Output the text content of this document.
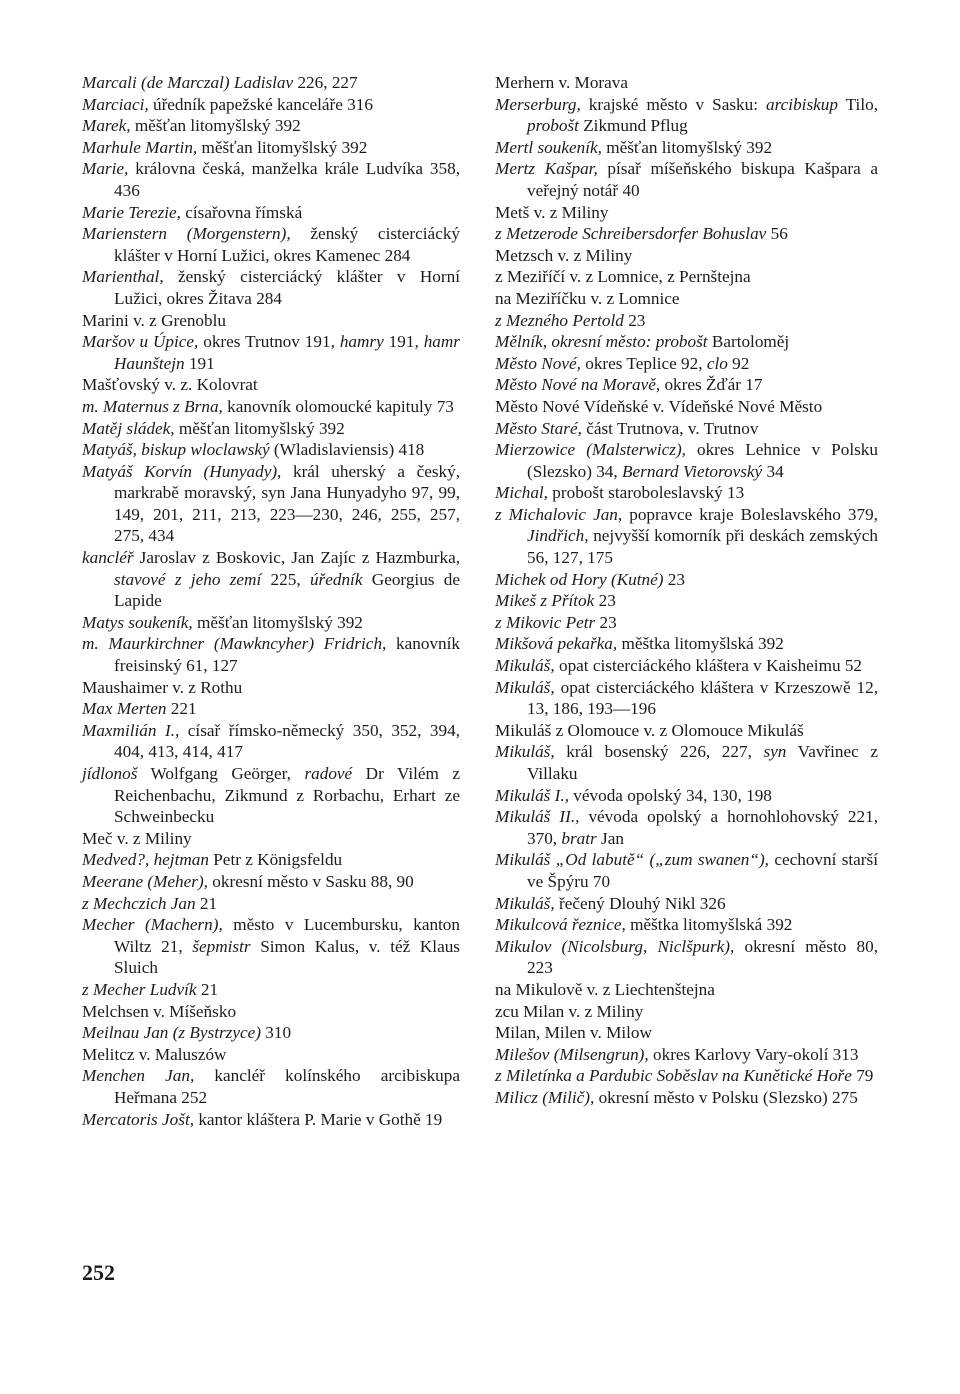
Marcali (de Marczal) Ladislav 226, 227

Marciaci, úředník papežské kanceláře 316

Marek, měšťan litomyšlský 392

Marhule Martin, měšťan litomyšlský 392

Marie, královna česká, manželka krále Ludvíka 358, 436

Marie Terezie, císařovna římská

Marienstern (Morgenstern), ženský cisterciácký klášter v Horní Lužici, okres Kamenec 284

Marienthal, ženský cisterciácký klášter v Horní Lužici, okres Žitava 284

Marini v. z Grenoblu

Maršov u Úpice, okres Trutnov 191, hamry 191, hamr Haunštejn 191

Mašťovský v. z. Kolovrat

m. Maternus z Brna, kanovník olomoucké kapituly 73

Matěj sládek, měšťan litomyšlský 392

Matyáš, biskup wloclawský (Wladislaviensis) 418

Matyáš Korvín (Hunyady), král uherský a český, markrabě moravský, syn Jana Hunyadyho 97, 99, 149, 201, 211, 213, 223—230, 246, 255, 257, 275, 434

kancléř Jaroslav z Boskovic, Jan Zajíc z Hazmburka, stavové z jeho zemí 225, úředník Georgius de Lapide

Matys soukeník, měšťan litomyšlský 392

m. Maurkirchner (Mawkncyher) Fridrich, kanovník freisinský 61, 127

Maushaimer v. z Rothu

Max Merten 221

Maxmilián I., císař římsko-německý 350, 352, 394, 404, 413, 414, 417

jídlonoš Wolfgang Geörger, radové Dr Vilém z Reichenbachu, Zikmund z Rorbachu, Erhart ze Schweinbecku

Meč v. z Miliny

Medved?, hejtman Petr z Königsfeldu

Meerane (Meher), okresní město v Sasku 88, 90

z Mechczich Jan 21

Mecher (Machern), město v Lucembursku, kanton Wiltz 21, šepmistr Simon Kalus, v. též Klaus Sluich

z Mecher Ludvík 21

Melchsen v. Míšeňsko

Meilnau Jan (z Bystrzyce) 310

Melitcz v. Maluszów

Menchen Jan, kancléř kolínského arcibiskupa Heřmana 252

Mercatoris Jošt, kantor kláštera P. Marie v Gothě 19

Merhern v. Morava

Merserburg, krajské město v Sasku: arcibiskup Tilo, probošt Zikmund Pflug

Mertl soukeník, měšťan litomyšlský 392

Mertz Kašpar, písař míšeňského biskupa Kašpara a veřejný notář 40

Metš v. z Miliny

z Metzerode Schreibersdorfer Bohuslav 56

Metzsch v. z Miliny

z Meziříčí v. z Lomnice, z Pernštejna

na Meziříčku v. z Lomnice

z Mezného Pertold 23

Mělník, okresní město: probošt Bartoloměj

Město Nové, okres Teplice 92, clo 92

Město Nové na Moravě, okres Žďár 17

Město Nové Vídeňské v. Vídeňské Nové Město

Město Staré, část Trutnova, v. Trutnov

Mierzowice (Malsterwicz), okres Lehnice v Polsku (Slezsko) 34, Bernard Vietorovský 34

Michal, probošt staroboleslavský 13

z Michalovic Jan, popravce kraje Boleslavského 379, Jindřich, nejvyšší komorník při deskách zemských 56, 127, 175

Michek od Hory (Kutné) 23

Mikeš z Přítok 23

z Mikovic Petr 23

Mikšová pekařka, měštka litomyšlská 392

Mikuláš, opat cisterciáckého kláštera v Kaisheimu 52

Mikuláš, opat cisterciáckého kláštera v Krzeszowě 12, 13, 186, 193—196

Mikuláš z Olomouce v. z Olomouce Mikuláš

Mikuláš, král bosenský 226, 227, syn Vavřinec z Villaku

Mikuláš I., vévoda opolský 34, 130, 198

Mikuláš II., vévoda opolský a hornohlohovský 221, 370, bratr Jan

Mikuláš „Od labutě“ („zum swanen“), cechovní starší ve Špýru 70

Mikuláš, řečený Dlouhý Nikl 326

Mikulcová řeznice, měštka litomyšlská 392

Mikulov (Nicolsburg, Niclšpurk), okresní město 80, 223

na Mikulově v. z Liechtenštejna

zcu Milan v. z Miliny

Milan, Milen v. Milow

Milešov (Milsengrun), okres Karlovy Vary-okolí 313

z Miletínka a Pardubic Soběslav na Kunětické Hoře 79

Milicz (Milič), okresní město v Polsku (Slezsko) 275

252
